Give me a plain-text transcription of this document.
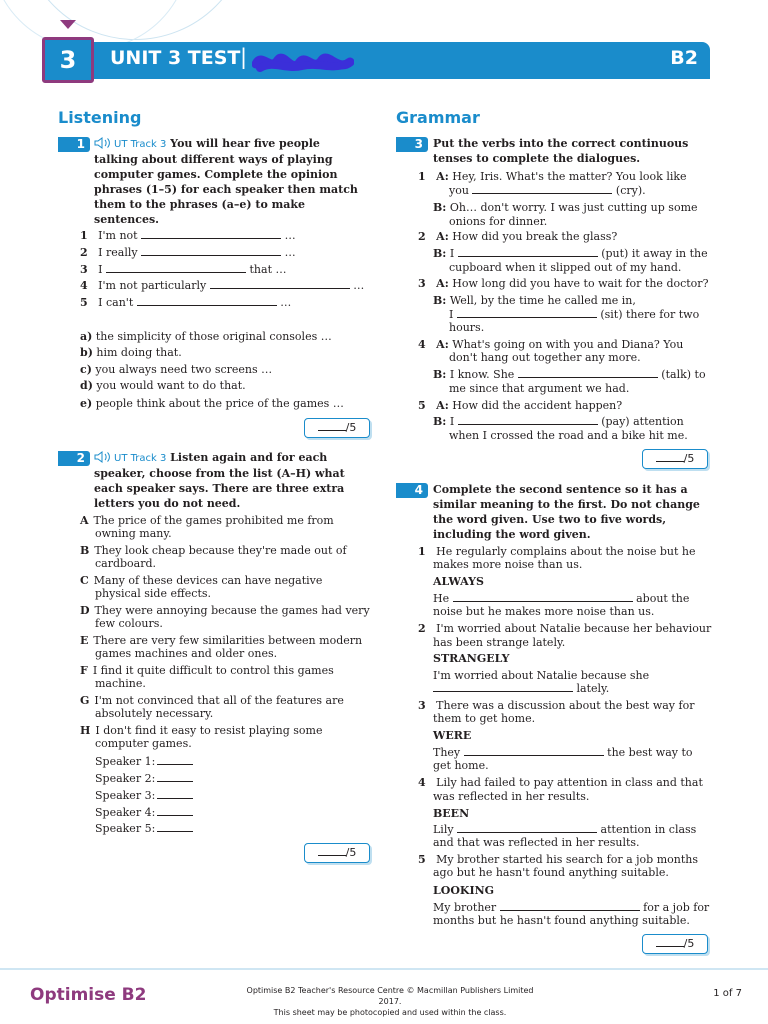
3	UNIT 3 TEST |	B2
Listening
1	UT Track 3 You will hear five people talking about different ways of playing computer games. Complete the opinion phrases (1–5) for each speaker then match them to the phrases (a–e) to make sentences.
1 I'm not	…
2 I really	…
3 I	that …
4 I'm not particularly	…
5 I can't	…
a) the simplicity of those original consoles …
b) him doing that.
c) you always need two screens …
d) you would want to do that.
e) people think about the price of the games …
/5
2	UT Track 3 Listen again and for each speaker, choose from the list (A–H) what each speaker says. There are three extra letters you do not need.
A The price of the games prohibited me from
owning many.
B They look cheap because they're made out of
cardboard.
C Many of these devices can have negative
physical side effects.
D They were annoying because the games had very
few colours.
E There are very few similarities between modern
games machines and older ones.
F I find it quite difficult to control this games
machine.
G I'm not convinced that all of the features are
absolutely necessary.
H I don't find it easy to resist playing some
computer games.
Speaker 1:
Speaker 2:
Speaker 3:
Speaker 4:
Speaker 5:
/5
Grammar
3 Put the verbs into the correct continuous tenses to complete the dialogues.
1 A: Hey, Iris. What's the matter? You look like
you	(cry).
B: Oh… don't worry. I was just cutting up some
onions for dinner.
2 A: How did you break the glass?
B: I	(put) it away in the
cupboard when it slipped out of my hand.
3 A: How long did you have to wait for the doctor?
B: Well, by the time he called me in,
I	(sit) there for two
hours.
4 A: What's going on with you and Diana? You
don't hang out together any more.
B: I know. She	(talk) to
me since that argument we had.
5 A: How did the accident happen?
B: I	(pay) attention
when I crossed the road and a bike hit me.
/5
4 Complete the second sentence so it has a similar meaning to the first. Do not change the word given. Use two to five words, including the word given.
1   He regularly complains about the noise but he
makes more noise than us.
ALWAYS
He	about the
noise but he makes more noise than us.
2   I'm worried about Natalie because her behaviour
has been strange lately.
STRANGELY
I'm worried about Natalie because she
lately.
3   There was a discussion about the best way for
them to get home.
WERE
They	the best way to
get home.
4   Lily had failed to pay attention in class and that
was reflected in her results.
BEEN
Lily	attention in class
and that was reflected in her results.
5   My brother started his search for a job months
ago but he hasn't found anything suitable.
LOOKING
My brother	for a job for
months but he hasn't found anything suitable.
/5
Optimise B2	Optimise B2 Teacher's Resource Centre © Macmillan Publishers Limited 2017.
This sheet may be photocopied and used within the class.
1 of 7
